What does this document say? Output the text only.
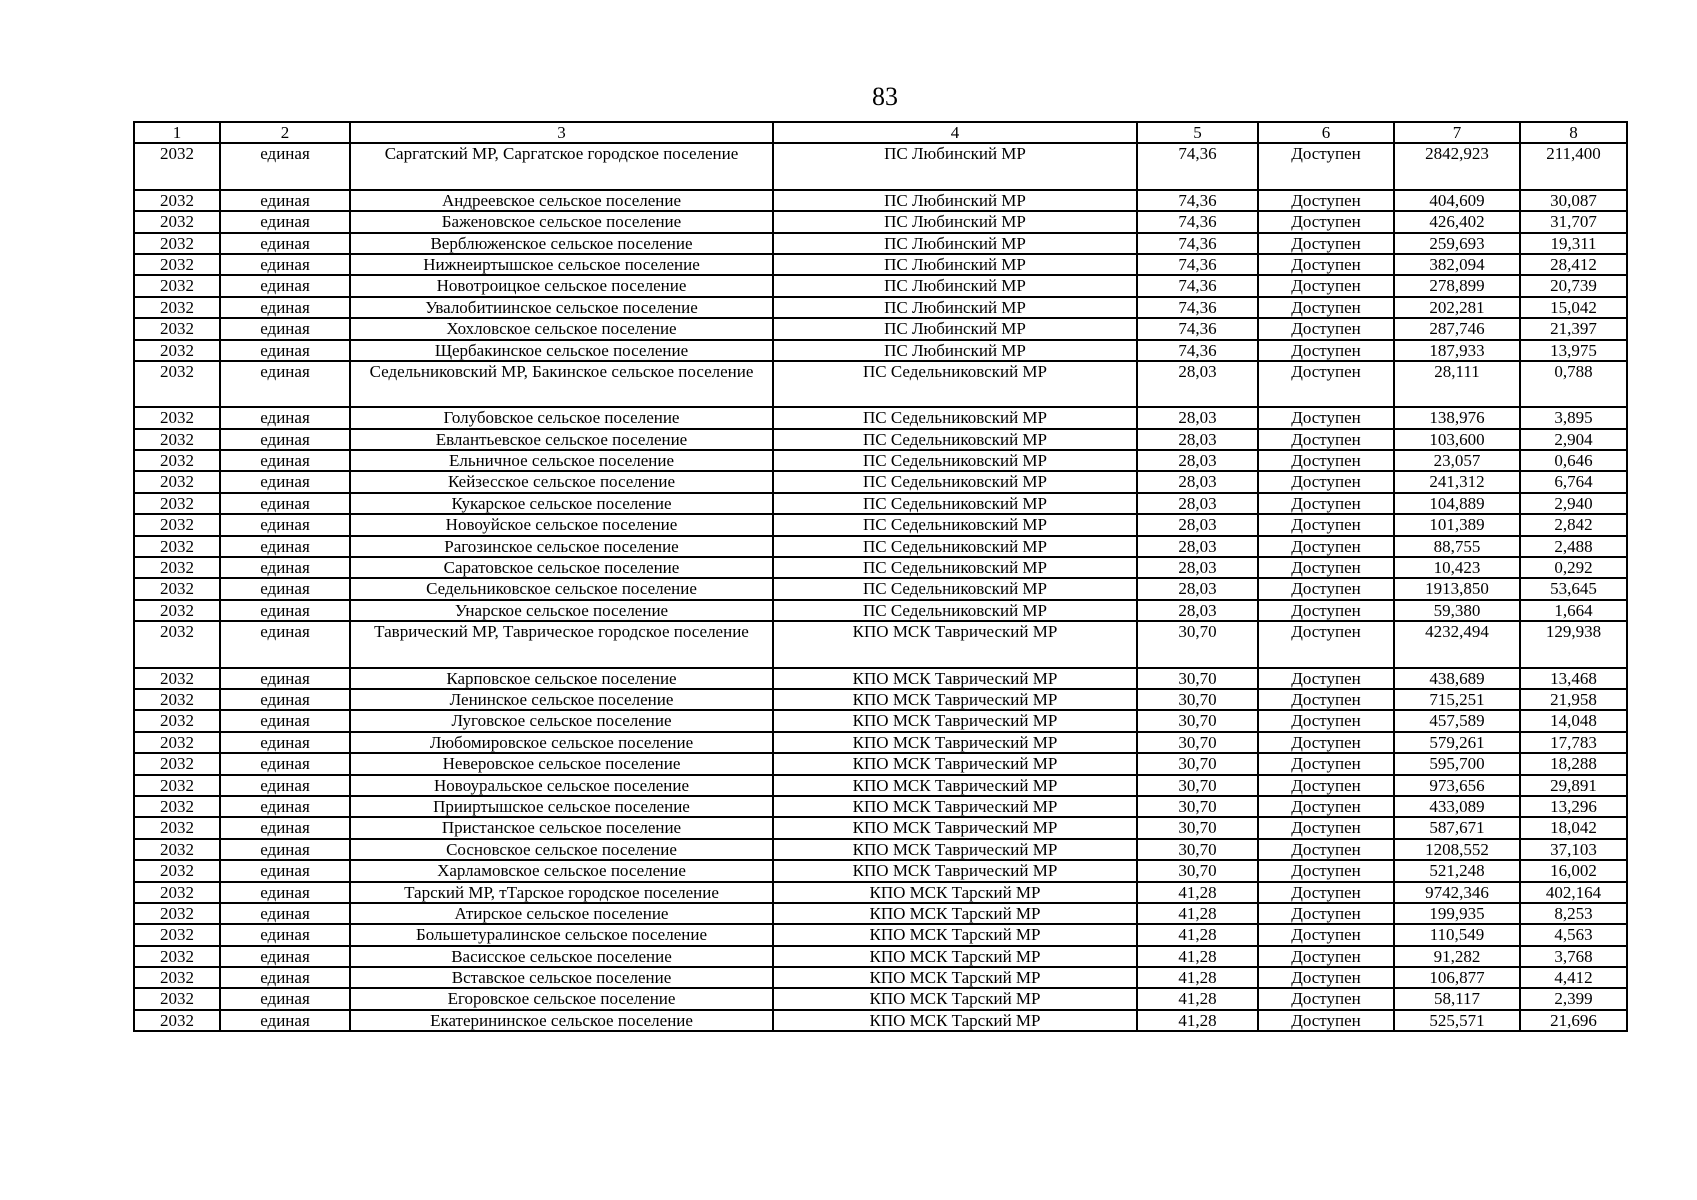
83
1	2	3	4	5	6	7	8
2032	единая	Саргатский МР, Саргатское городское поселение	ПС Любинский МР	74,36	Доступен	2842,923	211,400
2032	единая	Андреевское сельское поселение	ПС Любинский МР	74,36	Доступен	404,609	30,087
2032	единая	Баженовское сельское поселение	ПС Любинский МР	74,36	Доступен	426,402	31,707
2032	единая	Верблюженское сельское поселение	ПС Любинский МР	74,36	Доступен	259,693	19,311
2032	единая	Нижнеиртышское сельское поселение	ПС Любинский МР	74,36	Доступен	382,094	28,412
2032	единая	Новотроицкое сельское поселение	ПС Любинский МР	74,36	Доступен	278,899	20,739
2032	единая	Увалобитиинское сельское поселение	ПС Любинский МР	74,36	Доступен	202,281	15,042
2032	единая	Хохловское сельское поселение	ПС Любинский МР	74,36	Доступен	287,746	21,397
2032	единая	Щербакинское сельское поселение	ПС Любинский МР	74,36	Доступен	187,933	13,975
2032	единая	Седельниковский МР, Бакинское сельское поселение	ПС Седельниковский МР	28,03	Доступен	28,111	0,788
2032	единая	Голубовское сельское поселение	ПС Седельниковский МР	28,03	Доступен	138,976	3,895
2032	единая	Евлантьевское сельское поселение	ПС Седельниковский МР	28,03	Доступен	103,600	2,904
2032	единая	Ельничное сельское поселение	ПС Седельниковский МР	28,03	Доступен	23,057	0,646
2032	единая	Кейзесское сельское поселение	ПС Седельниковский МР	28,03	Доступен	241,312	6,764
2032	единая	Кукарское сельское поселение	ПС Седельниковский МР	28,03	Доступен	104,889	2,940
2032	единая	Новоуйское сельское поселение	ПС Седельниковский МР	28,03	Доступен	101,389	2,842
2032	единая	Рагозинское сельское поселение	ПС Седельниковский МР	28,03	Доступен	88,755	2,488
2032	единая	Саратовское сельское поселение	ПС Седельниковский МР	28,03	Доступен	10,423	0,292
2032	единая	Седельниковское сельское поселение	ПС Седельниковский МР	28,03	Доступен	1913,850	53,645
2032	единая	Унарское сельское поселение	ПС Седельниковский МР	28,03	Доступен	59,380	1,664
2032	единая	Таврический МР, Таврическое городское поселение	КПО МСК Таврический МР	30,70	Доступен	4232,494	129,938
2032	единая	Карповское сельское поселение	КПО МСК Таврический МР	30,70	Доступен	438,689	13,468
2032	единая	Ленинское сельское поселение	КПО МСК Таврический МР	30,70	Доступен	715,251	21,958
2032	единая	Луговское сельское поселение	КПО МСК Таврический МР	30,70	Доступен	457,589	14,048
2032	единая	Любомировское сельское поселение	КПО МСК Таврический МР	30,70	Доступен	579,261	17,783
2032	единая	Неверовское сельское поселение	КПО МСК Таврический МР	30,70	Доступен	595,700	18,288
2032	единая	Новоуральское сельское поселение	КПО МСК Таврический МР	30,70	Доступен	973,656	29,891
2032	единая	Прииртышское сельское поселение	КПО МСК Таврический МР	30,70	Доступен	433,089	13,296
2032	единая	Пристанское сельское поселение	КПО МСК Таврический МР	30,70	Доступен	587,671	18,042
2032	единая	Сосновское сельское поселение	КПО МСК Таврический МР	30,70	Доступен	1208,552	37,103
2032	единая	Харламовское сельское поселение	КПО МСК Таврический МР	30,70	Доступен	521,248	16,002
2032	единая	Тарский МР, тТарское городское поселение	КПО МСК Тарский МР	41,28	Доступен	9742,346	402,164
2032	единая	Атирское сельское поселение	КПО МСК Тарский МР	41,28	Доступен	199,935	8,253
2032	единая	Большетуралинское сельское поселение	КПО МСК Тарский МР	41,28	Доступен	110,549	4,563
2032	единая	Васисское сельское поселение	КПО МСК Тарский МР	41,28	Доступен	91,282	3,768
2032	единая	Вставское сельское поселение	КПО МСК Тарский МР	41,28	Доступен	106,877	4,412
2032	единая	Егоровское сельское поселение	КПО МСК Тарский МР	41,28	Доступен	58,117	2,399
2032	единая	Екатерининское сельское поселение	КПО МСК Тарский МР	41,28	Доступен	525,571	21,696
